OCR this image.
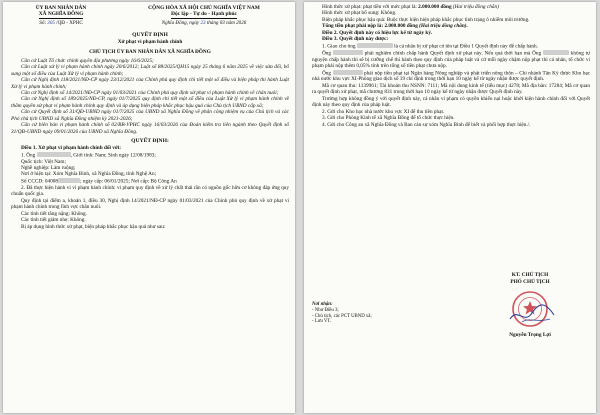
ỦY BAN NHÂN DÂN
XÃ NGHĨA ĐÔNG
CỘNG HÒA XÃ HỘI CHỦ NGHĨA VIỆT NAM
Độc lập - Tự do - Hạnh phúc
Số: 305 /QĐ - XPHC	Nghĩa Đồng, ngày 23 tháng 03 năm 2026
QUYẾT ĐỊNH
Xử phạt vi phạm hành chính
CHỦ TỊCH ỦY BAN NHÂN DÂN XÃ NGHĨA ĐỒNG

Căn cứ Luật Tổ chức chính quyền địa phương ngày 16/6/2025;

Căn cứ Luật xử lý vi phạm hành chính ngày 20/6/2012; Luật số 88/2025/QH15 ngày 25 tháng 6 năm 2025 về việc sửa đổi, bổ sung một số điều của Luật Xử lý vi phạm hành chính;

Căn cứ Nghị định 118/2021/NĐ-CP ngày 23/12/2021 của Chính phủ quy định chi tiết một số điều và biện pháp thi hành Luật Xử lý vi phạm hành chính;

Căn cứ Nghị định số 14/2021/NĐ-CP ngày 01/03/2021 của Chính phủ quy định xử phạt vi phạm hành chính về chăn nuôi;

Căn cứ Nghị định số 189/2025/NĐ-CP, ngày 01/7/2025 quy định chi tiết một số điều của Luật Xử lý vi phạm hành chính về thẩm quyền xử phạt vi phạm hành chính quy định và áp dụng biện pháp khắc phục hậu quả của Chủ tịch UBND cấp xã;

Căn cứ Quyết định số 31/QĐ-UBND ngày 01/7/2025 của UBND xã Nghĩa Đồng về phân công nhiệm vụ của Chủ tịch và các Phó chủ tịch UBND xã Nghĩa Đồng nhiệm kỳ 2021-2026;

Căn cứ biên bản vi phạm hành chính số 02/BB-VPHC ngày 16/03/2026 của Đoàn kiểm tra liên ngành theo Quyết định số 31/QĐ-UBND ngày 09/01/2026 của UBND xã Nghĩa Đồng.

QUYẾT ĐỊNH:

Điều 1. Xử phạt vi phạm hành chính đối với:

1. Ông	, Giới tính: Nam; Sinh ngày 12/08/1983;

Quốc tịch: Việt Nam;

Nghề nghiệp: Làm ruộng;

Nơi ở hiện tại: Xóm Nghĩa Bình, xã Nghĩa Đồng, tỉnh Nghệ An;

Số CCCD: 04008	; ngày cấp: 06/01/2025; Nơi cấp: Bộ Công An

2. Đã thực hiện hành vi vi phạm hành chính: vi phạm quy định về xử lý chất thải rắn có nguồn gốc hữu cơ không đáp ứng quy chuẩn quốc gia.

Quy định tại điểm a, khoản 1, điều 30, Nghị định 14/2021/NĐ-CP ngày 01/03/2021 của Chính phủ quy định về xử phạt vi phạm hành chính trong lĩnh vực chăn nuôi.

Các tình tiết tăng nặng: Không.

Các tình tiết giảm nhẹ: Không.

Bị áp dụng hình thức xử phạt, biện pháp khắc phục hậu quả như sau:

Hình thức xử phạt: phạt tiền với mức phạt là: 2.000.000 đồng (Hai triệu đồng chẵn)

Hình thức xử phạt bổ sung: Không.

Biện pháp khắc phục hậu quả: Buộc thực hiện biện pháp khắc phục tình trạng ô nhiễm môi trường.

Tổng tiền phạt phải nộp là: 2.000.000 đồng (Hai triệu đồng chẵn).

Điều 2. Quyết định này có hiệu lực kể từ ngày ký.

Điều 3. Quyết định này được:

1. Giao cho ông	là cá nhân bị xử phạt có tên tại Điều 1 Quyết định này để chấp hành.

Ông	phải nghiêm chỉnh chấp hành Quyết định xử phạt này. Nếu quá thời hạn mà Ông	không tự nguyện chấp hành thì sẽ bị cưỡng chế thi hành theo quy định của pháp luật và cứ mỗi ngày chậm nộp phạt thì cá nhân, tổ chức vi phạm phải nộp thêm 0,05% tính trên tổng số tiền phạt chưa nộp.

Ông	phải nộp tiền phạt tại Ngân hàng Nông nghiệp và phát triển nông thôn – Chi nhánh Tân Kỳ được Kho bạc nhà nước khu vực XI-Phòng giao dịch số 19 chỉ định trong thời hạn 10 ngày kể từ ngày nhận được quyết định.

Mã cơ quan thu: 1139961; Tài khoản thu NSNN: 7111; Mã nội dung kinh tế (tiểu mục) 4278; Mã địa bàn: 17284; Mã cơ quan ra quyết định xử phạt, mã chương 831 trong thời hạn 10 ngày kể từ ngày nhận được Quyết định này.

Trường hợp không đồng ý với quyết định này, cá nhân vi phạm có quyền khiếu nại hoặc khởi kiện hành chính đối với Quyết định này theo quy định của pháp luật.

2. Gửi cho Kho bạc nhà nước khu vực XI để thu tiền phạt.

3. Gửi cho Phòng Kinh tế xã Nghĩa Đồng để tổ chức thực hiện.

4. Gửi cho Công an xã Nghĩa Đồng và Ban cán sự xóm Nghĩa Bình để biết và phối hợp thực hiện./.

Nơi nhận:
- Như Điều 3;
- Chủ tịch, các PCT UBND xã;
- Lưu VT.
KT. CHỦ TỊCH
PHÓ CHỦ TỊCH
Nguyễn Trọng Lợi
